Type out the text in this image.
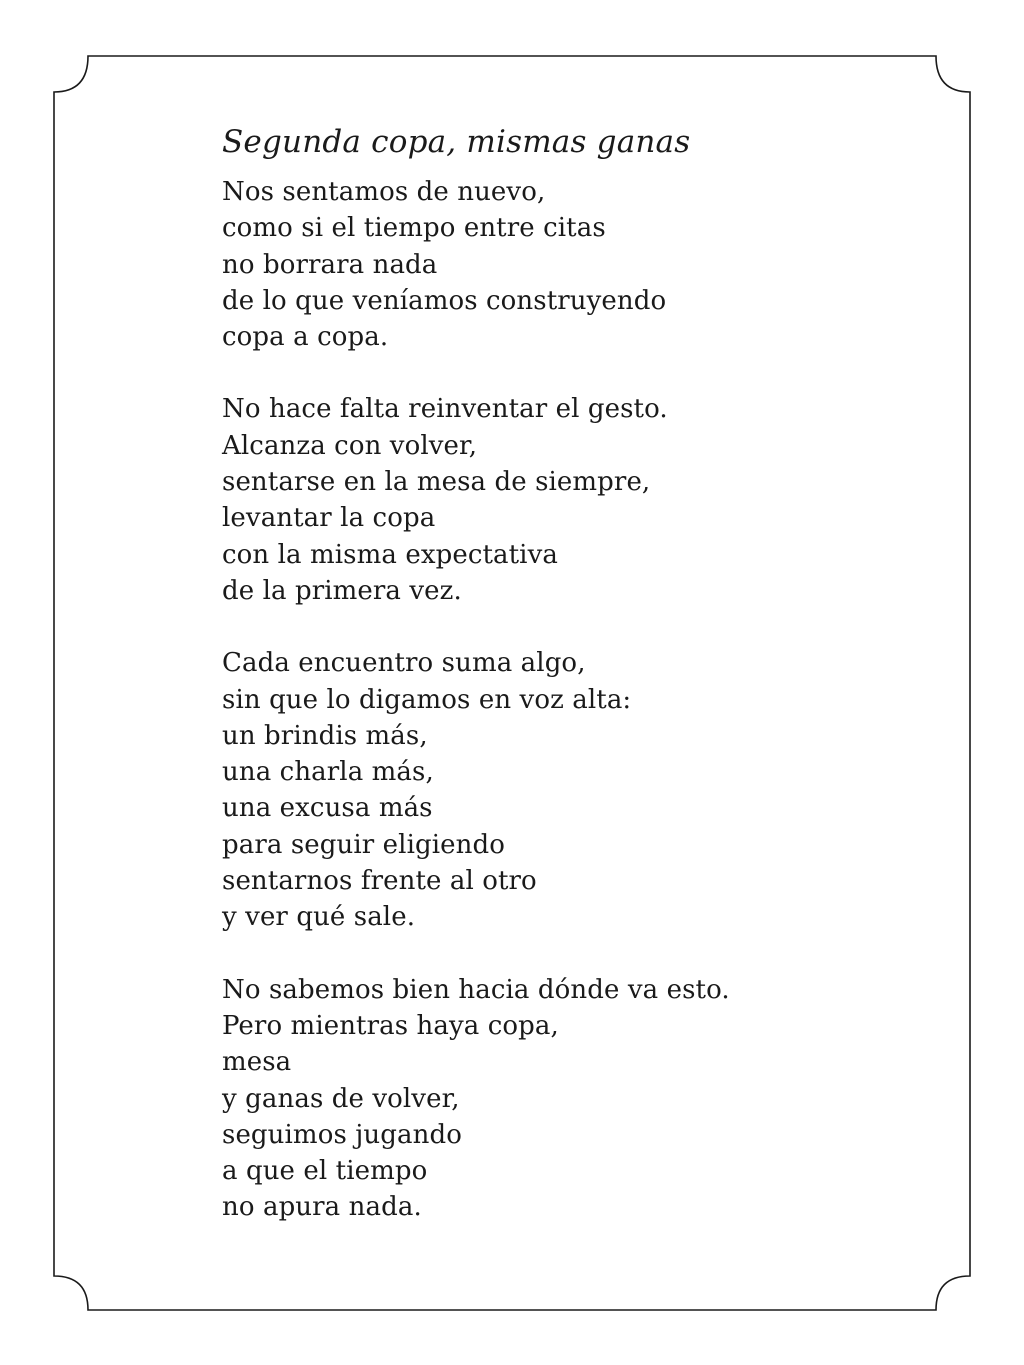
Segunda copa, mismas ganas
Nos sentamos de nuevo,
como si el tiempo entre citas
no borrara nada
de lo que veníamos construyendo
copa a copa.
No hace falta reinventar el gesto.
Alcanza con volver,
sentarse en la mesa de siempre,
levantar la copa
con la misma expectativa
de la primera vez.
Cada encuentro suma algo,
sin que lo digamos en voz alta:
un brindis más,
una charla más,
una excusa más
para seguir eligiendo
sentarnos frente al otro
y ver qué sale.
No sabemos bien hacia dónde va esto.
Pero mientras haya copa,
mesa
y ganas de volver,
seguimos jugando
a que el tiempo
no apura nada.
